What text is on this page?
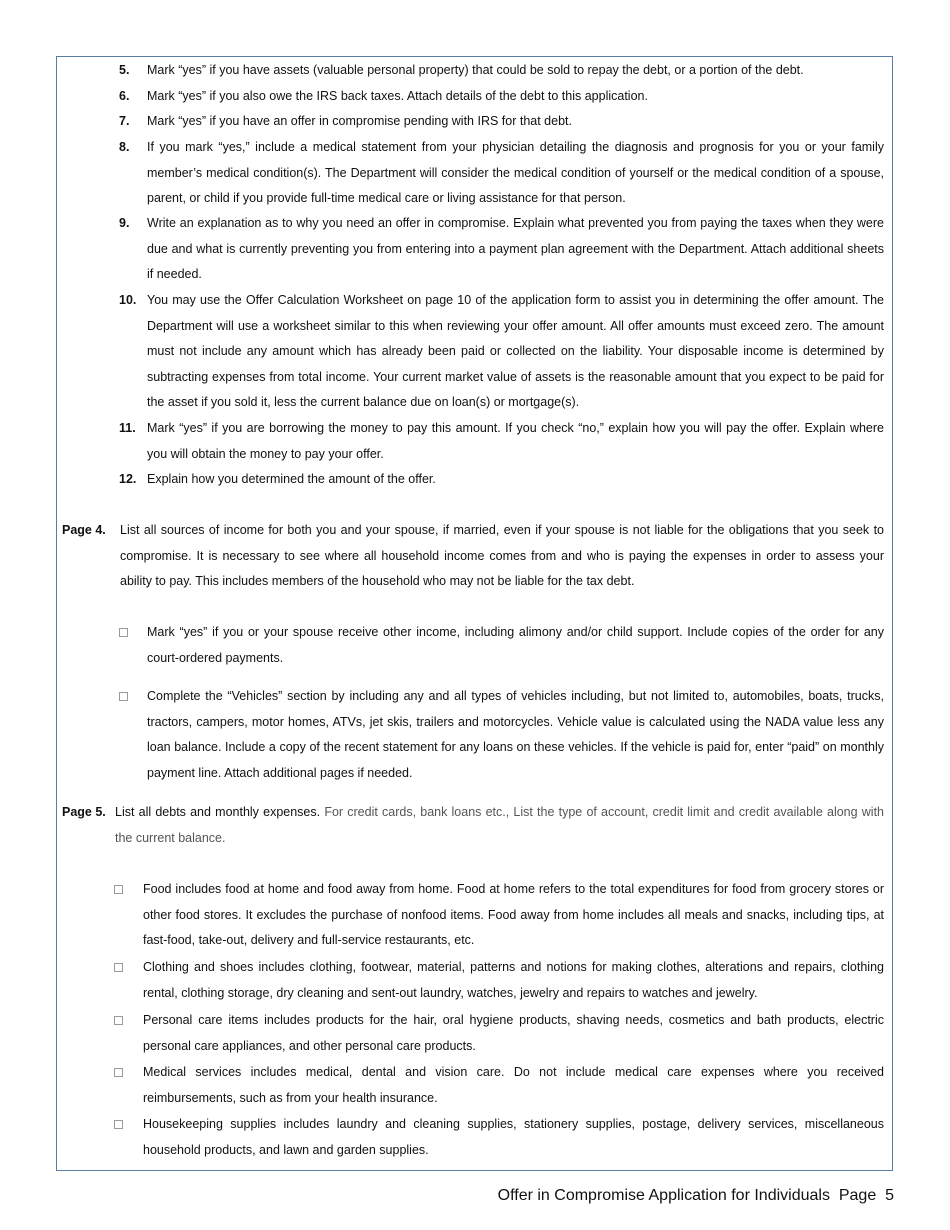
5. Mark “yes” if you have assets (valuable personal property) that could be sold to repay the debt, or a portion of the debt.
6. Mark “yes” if you also owe the IRS back taxes. Attach details of the debt to this application.
7. Mark “yes” if you have an offer in compromise pending with IRS for that debt.
8. If you mark “yes,” include a medical statement from your physician detailing the diagnosis and prognosis for you or your family member’s medical condition(s). The Department will consider the medical condition of yourself or the medical condition of a spouse, parent, or child if you provide full-time medical care or living assistance for that person.
9. Write an explanation as to why you need an offer in compromise. Explain what prevented you from paying the taxes when they were due and what is currently preventing you from entering into a payment plan agreement with the Department. Attach additional sheets if needed.
10. You may use the Offer Calculation Worksheet on page 10 of the application form to assist you in determining the offer amount. The Department will use a worksheet similar to this when reviewing your offer amount. All offer amounts must exceed zero. The amount must not include any amount which has already been paid or collected on the liability. Your disposable income is determined by subtracting expenses from total income. Your current market value of assets is the reasonable amount that you expect to be paid for the asset if you sold it, less the current balance due on loan(s) or mortgage(s).
11. Mark “yes” if you are borrowing the money to pay this amount. If you check “no,” explain how you will pay the offer. Explain where you will obtain the money to pay your offer.
12. Explain how you determined the amount of the offer.
Page 4. List all sources of income for both you and your spouse, if married, even if your spouse is not liable for the obligations that you seek to compromise. It is necessary to see where all household income comes from and who is paying the expenses in order to assess your ability to pay. This includes members of the household who may not be liable for the tax debt.
Mark “yes” if you or your spouse receive other income, including alimony and/or child support. Include copies of the order for any court-ordered payments.
Complete the “Vehicles” section by including any and all types of vehicles including, but not limited to, automobiles, boats, trucks, tractors, campers, motor homes, ATVs, jet skis, trailers and motorcycles. Vehicle value is calculated using the NADA value less any loan balance. Include a copy of the recent statement for any loans on these vehicles. If the vehicle is paid for, enter “paid” on monthly payment line. Attach additional pages if needed.
Page 5. List all debts and monthly expenses. For credit cards, bank loans etc., List the type of account, credit limit and credit available along with the current balance.
Food includes food at home and food away from home. Food at home refers to the total expenditures for food from grocery stores or other food stores. It excludes the purchase of nonfood items. Food away from home includes all meals and snacks, including tips, at fast-food, take-out, delivery and full-service restaurants, etc.
Clothing and shoes includes clothing, footwear, material, patterns and notions for making clothes, alterations and repairs, clothing rental, clothing storage, dry cleaning and sent-out laundry, watches, jewelry and repairs to watches and jewelry.
Personal care items includes products for the hair, oral hygiene products, shaving needs, cosmetics and bath products, electric personal care appliances, and other personal care products.
Medical services includes medical, dental and vision care. Do not include medical care expenses where you received reimbursements, such as from your health insurance.
Housekeeping supplies includes laundry and cleaning supplies, stationery supplies, postage, delivery services, miscellaneous household products, and lawn and garden supplies.
Offer in Compromise Application for Individuals Page  5
